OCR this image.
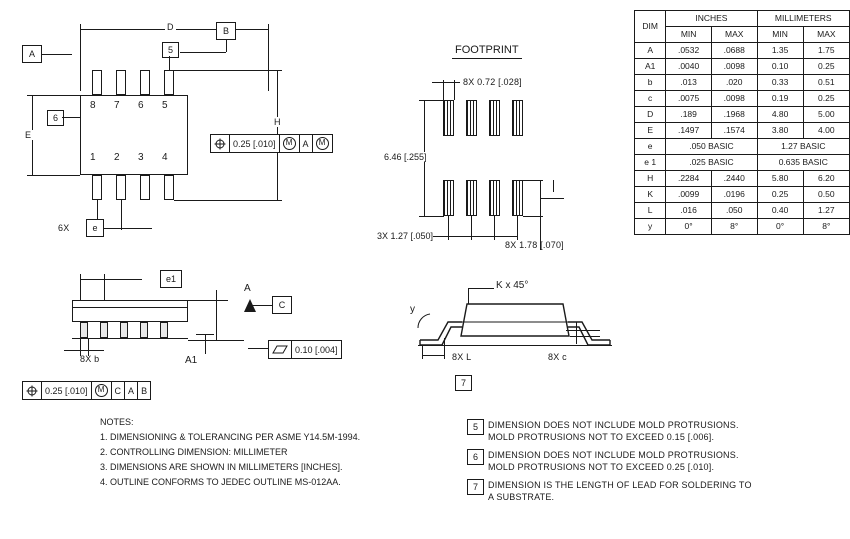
D
A
B
5
6
E
8 7 6 5
1 2 3 4
H
6X	e
0.25 [.010]	M	A	M
FOOTPRINT
8X 0.72 [.028]
6.46 [.255]
3X 1.27 [.050]
8X 1.78 [.070]
e1
A
C
A1
8X b
0.10 [.004]
0.25 [.010]	M	C A B
K x 45°
y
8X L	8X c
7
NOTES:
1. DIMENSIONING & TOLERANCING PER ASME Y14.5M-1994.
2. CONTROLLING DIMENSION: MILLIMETER
3. DIMENSIONS ARE SHOWN IN MILLIMETERS [INCHES].
4. OUTLINE CONFORMS TO JEDEC OUTLINE MS-012AA.
5	DIMENSION DOES NOT INCLUDE MOLD PROTRUSIONS.
MOLD PROTRUSIONS NOT TO EXCEED 0.15 [.006].
6	DIMENSION DOES NOT INCLUDE MOLD PROTRUSIONS.
MOLD PROTRUSIONS NOT TO EXCEED 0.25 [.010].
7	DIMENSION IS THE LENGTH OF LEAD FOR SOLDERING TO
A SUBSTRATE.
DIM	INCHES		MILLIMETERS	
	MIN	MAX	MIN	MAX
A	.0532	.0688	1.35	1.75
A1	.0040	.0098	0.10	0.25
b	.013	.020	0.33	0.51
c	.0075	.0098	0.19	0.25
D	.189	.1968	4.80	5.00
E	.1497	.1574	3.80	4.00
e	.050 BASIC		1.27 BASIC	
e 1	.025 BASIC		0.635 BASIC	
H	.2284	.2440	5.80	6.20
K	.0099	.0196	0.25	0.50
L	.016	.050	0.40	1.27
y	0°	8°	0°	8°
